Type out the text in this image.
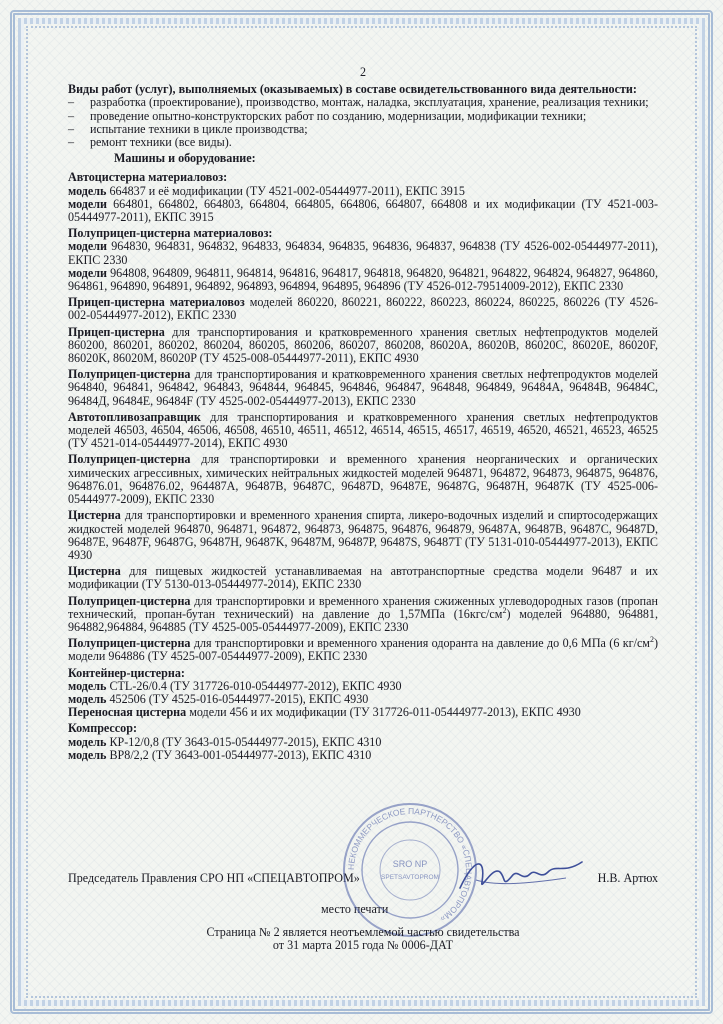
2
Виды работ (услуг), выполняемых (оказываемых) в составе освидетельствованного вида деятельности:
– разработка (проектирование), производство, монтаж, наладка, эксплуатация, хранение, реализация техники;
– проведение опытно-конструкторских работ по созданию, модернизации, модификации техники;
– испытание техники в цикле производства;
– ремонт техники (все виды).
Машины и оборудование:
Автоцистерна материаловоз:
модель 664837 и её модификации (ТУ 4521-002-05444977-2011), ЕКПС 3915
модели 664801, 664802, 664803, 664804, 664805, 664806, 664807, 664808 и их модификации (ТУ 4521-003-05444977-2011), ЕКПС 3915
Полуприцеп-цистерна материаловоз:
модели 964830, 964831, 964832, 964833, 964834, 964835, 964836, 964837, 964838 (ТУ 4526-002-05444977-2011), ЕКПС 2330
модели 964808, 964809, 964811, 964814, 964816, 964817, 964818, 964820, 964821, 964822, 964824, 964827, 964860, 964861, 964890, 964891, 964892, 964893, 964894, 964895, 964896 (ТУ 4526-012-79514009-2012), ЕКПС 2330
Прицеп-цистерна материаловоз моделей 860220, 860221, 860222, 860223, 860224, 860225, 860226 (ТУ 4526-002-05444977-2012), ЕКПС 2330
Прицеп-цистерна для транспортирования и кратковременного хранения светлых нефтепродуктов моделей 860200, 860201, 860202, 860204, 860205, 860206, 860207, 860208, 86020A, 86020B, 86020C, 86020E, 86020F, 86020K, 86020M, 86020P (ТУ 4525-008-05444977-2011), ЕКПС 4930
Полуприцеп-цистерна для транспортирования и кратковременного хранения светлых нефтепродуктов моделей 964840, 964841, 964842, 964843, 964844, 964845, 964846, 964847, 964848, 964849, 96484A, 96484B, 96484C, 96484Д, 96484E, 96484F (ТУ 4525-002-05444977-2013), ЕКПС 2330
Автотопливозаправщик для транспортирования и кратковременного хранения светлых нефтепродуктов моделей 46503, 46504, 46506, 46508, 46510, 46511, 46512, 46514, 46515, 46517, 46519, 46520, 46521, 46523, 46525 (ТУ 4521-014-05444977-2014), ЕКПС 4930
Полуприцеп-цистерна для транспортировки и временного хранения неорганических и органических химических агрессивных, химических нейтральных жидкостей моделей 964871, 964872, 964873, 964875, 964876, 964876.01, 964876.02, 964487A, 96487B, 96487C, 96487D, 96487E, 96487G, 96487H, 96487K (ТУ 4525-006-05444977-2009), ЕКПС 2330
Цистерна для транспортировки и временного хранения спирта, ликеро-водочных изделий и спиртосодержащих жидкостей моделей 964870, 964871, 964872, 964873, 964875, 964876, 964879, 96487A, 96487B, 96487C, 96487D, 96487E, 96487F, 96487G, 96487H, 96487K, 96487M, 96487P, 96487S, 96487T (ТУ 5131-010-05444977-2013), ЕКПС 4930
Цистерна для пищевых жидкостей устанавливаемая на автотранспортные средства модели 96487 и их модификации (ТУ 5130-013-05444977-2014), ЕКПС 2330
Полуприцеп-цистерна для транспортировки и временного хранения сжиженных углеводородных газов (пропан технический, пропан-бутан технический) на давление до 1,57МПа $(16кгс/см^2)$ моделей 964880, 964881, 964882,964884, 964885 (ТУ 4525-005-05444977-2009), ЕКПС 2330
Полуприцеп-цистерна для транспортировки и временного хранения одоранта на давление до 0,6 МПа (6 $кг/см^2$) модели 964886 (ТУ 4525-007-05444977-2009), ЕКПС 2330
Контейнер-цистерна:
модель CTL-26/0.4 (ТУ 317726-010-05444977-2012), ЕКПС 4930
модель 452506 (ТУ 4525-016-05444977-2015), ЕКПС 4930
Переносная цистерна модели 456 и их модификации (ТУ 317726-011-05444977-2013), ЕКПС 4930
Компрессор:
модель КР-12/0,8 (ТУ 3643-015-05444977-2015), ЕКПС 4310
модель ВР8/2,2 (ТУ 3643-001-05444977-2013), ЕКПС 4310
Председатель Правления СРО НП «СПЕЦАВТОПРОМ»	Н.В. Артюх
место печати
НЕКОММЕРЧЕСКОЕ ПАРТНЕРСТВО «СПЕЦАВТОПРОМ»
SRO NP
SPETSAVTOPROM
Страница № 2 является неотъемлемой частью свидетельства
от 31 марта 2015 года № 0006-ДАТ
